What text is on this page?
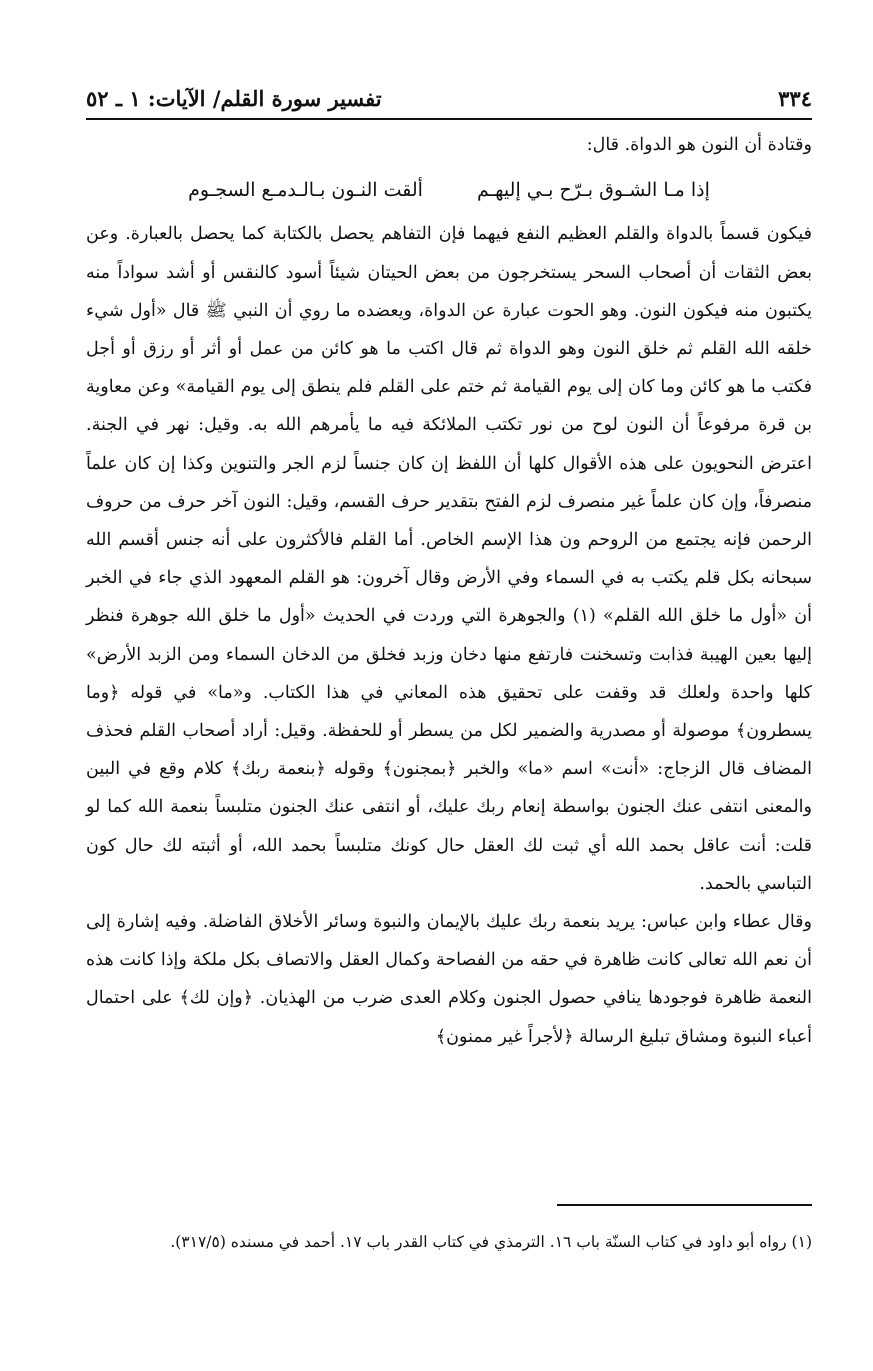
٣٣٤
تفسير سورة القلم/ الآيات: ١ ـ ٥٢

وقتادة أن النون هو الدواة. قال:

إذا مـا الشـوق بـرّح بـي إليهـم
ألقت النـون بـالـدمـع السجـوم

فيكون قسماً بالدواة والقلم العظيم النفع فيهما فإن التفاهم يحصل بالكتابة كما يحصل بالعبارة. وعن بعض الثقات أن أصحاب السحر يستخرجون من بعض الحيتان شيئاً أسود كالنقس أو أشد سواداً منه يكتبون منه فيكون النون. وهو الحوت عبارة عن الدواة، ويعضده ما روي أن النبي ﷺ قال «أول شيء خلقه الله القلم ثم خلق النون وهو الدواة ثم قال اكتب ما هو كائن من عمل أو أثر أو رزق أو أجل فكتب ما هو كائن وما كان إلى يوم القيامة ثم ختم على القلم فلم ينطق إلى يوم القيامة» وعن معاوية بن قرة مرفوعاً أن النون لوح من نور تكتب الملائكة فيه ما يأمرهم الله به. وقيل: نهر في الجنة. اعترض النحويون على هذه الأقوال كلها أن اللفظ إن كان جنساً لزم الجر والتنوين وكذا إن كان علماً منصرفاً، وإن كان علماً غير منصرف لزم الفتح بتقدير حرف القسم، وقيل: النون آخر حرف من حروف الرحمن فإنه يجتمع من الروحم ون هذا الإسم الخاص. أما القلم فالأكثرون على أنه جنس أقسم الله سبحانه بكل قلم يكتب به في السماء وفي الأرض وقال آخرون: هو القلم المعهود الذي جاء في الخبر أن «أول ما خلق الله القلم» (١) والجوهرة التي وردت في الحديث «أول ما خلق الله جوهرة فنظر إليها بعين الهيبة فذابت وتسخنت فارتفع منها دخان وزبد فخلق من الدخان السماء ومن الزبد الأرض» كلها واحدة ولعلك قد وقفت على تحقيق هذه المعاني في هذا الكتاب. و«ما» في قوله ﴿وما يسطرون﴾ موصولة أو مصدرية والضمير لكل من يسطر أو للحفظة. وقيل: أراد أصحاب القلم فحذف المضاف قال الزجاج: «أنت» اسم «ما» والخبر ﴿بمجنون﴾ وقوله ﴿بنعمة ربك﴾ كلام وقع في البين والمعنى انتفى عنك الجنون بواسطة إنعام ربك عليك، أو انتفى عنك الجنون متلبساً بنعمة الله كما لو قلت: أنت عاقل بحمد الله أي ثبت لك العقل حال كونك متلبساً بحمد الله، أو أثبته لك حال كون التباسي بالحمد.

وقال عطاء وابن عباس: يريد بنعمة ربك عليك بالإيمان والنبوة وسائر الأخلاق الفاضلة. وفيه إشارة إلى أن نعم الله تعالى كانت ظاهرة في حقه من الفصاحة وكمال العقل والاتصاف بكل ملكة وإذا كانت هذه النعمة ظاهرة فوجودها ينافي حصول الجنون وكلام العدى ضرب من الهذيان. ﴿وإن لك﴾ على احتمال أعباء النبوة ومشاق تبليغ الرسالة ﴿لأجراً غير ممنون﴾

(١) رواه أبو داود في كتاب السنّة باب ١٦. الترمذي في كتاب القدر باب ١٧. أحمد في مسنده (٣١٧/٥).
